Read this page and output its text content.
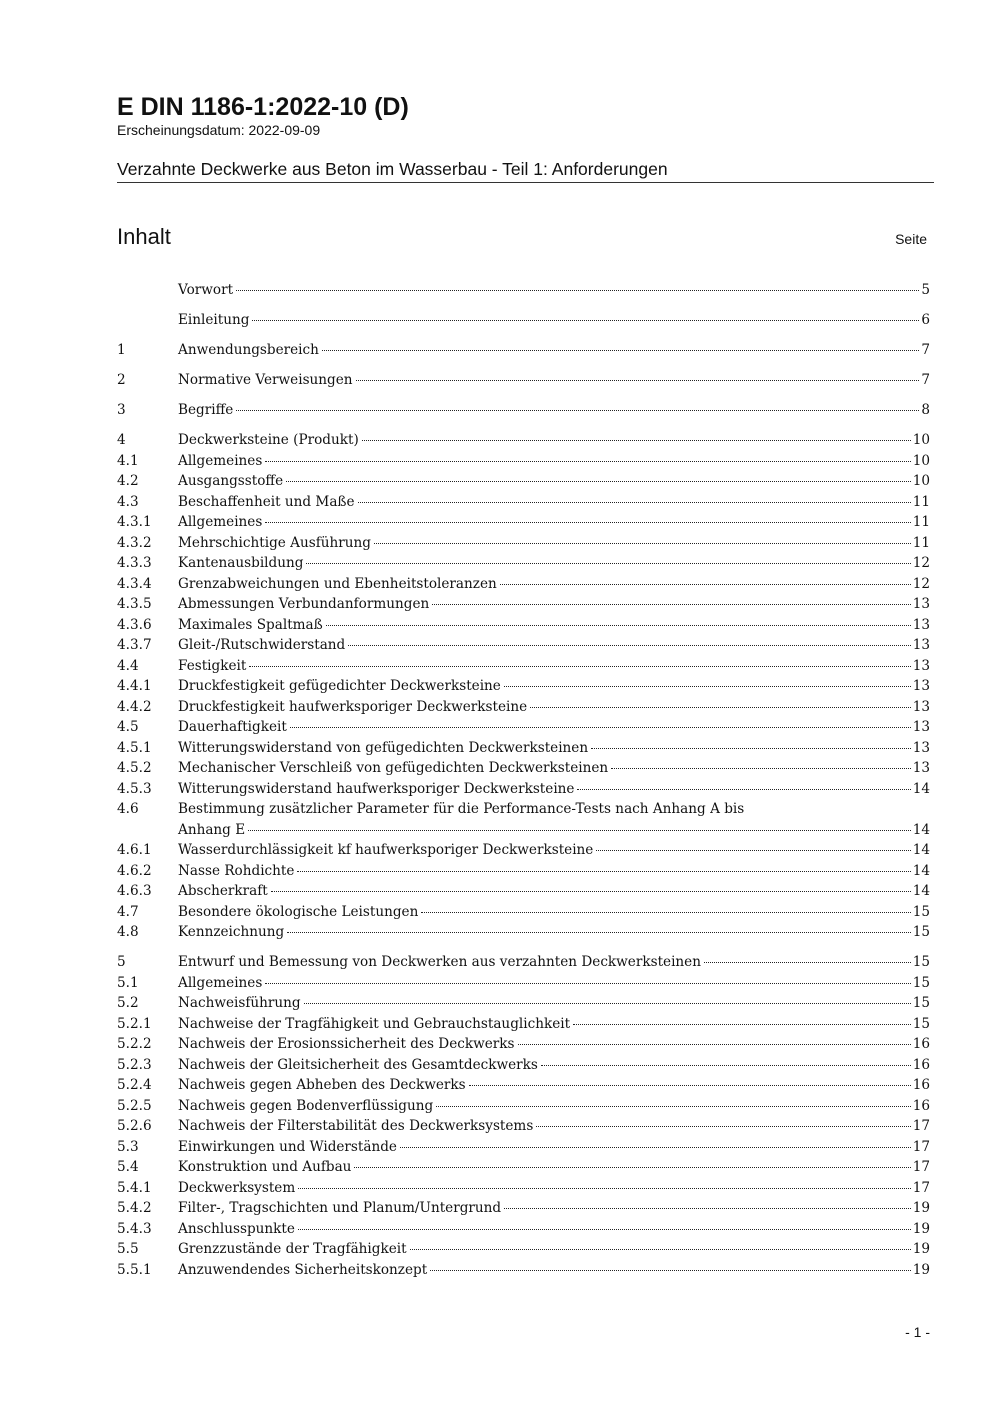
E DIN 1186-1:2022-10 (D)
Erscheinungsdatum: 2022-09-09
Verzahnte Deckwerke aus Beton im Wasserbau - Teil 1: Anforderungen
Inhalt	Seite
Vorwort	5
Einleitung	6
1	Anwendungsbereich	7
2	Normative Verweisungen	7
3	Begriffe	8
4	Deckwerksteine (Produkt)	10
4.1	Allgemeines	10
4.2	Ausgangsstoffe	10
4.3	Beschaffenheit und Maße	11
4.3.1	Allgemeines	11
4.3.2	Mehrschichtige Ausführung	11
4.3.3	Kantenausbildung	12
4.3.4	Grenzabweichungen und Ebenheitstoleranzen	12
4.3.5	Abmessungen Verbundanformungen	13
4.3.6	Maximales Spaltmaß	13
4.3.7	Gleit-/Rutschwiderstand	13
4.4	Festigkeit	13
4.4.1	Druckfestigkeit gefügedichter Deckwerksteine	13
4.4.2	Druckfestigkeit haufwerksporiger Deckwerksteine	13
4.5	Dauerhaftigkeit	13
4.5.1	Witterungswiderstand von gefügedichten Deckwerksteinen	13
4.5.2	Mechanischer Verschleiß von gefügedichten Deckwerksteinen	13
4.5.3	Witterungswiderstand haufwerksporiger Deckwerksteine	14
4.6	Bestimmung zusätzlicher Parameter für die Performance-Tests nach Anhang A bis
Anhang E	14
4.6.1	Wasserdurchlässigkeit kf haufwerksporiger Deckwerksteine	14
4.6.2	Nasse Rohdichte	14
4.6.3	Abscherkraft	14
4.7	Besondere ökologische Leistungen	15
4.8	Kennzeichnung	15
5	Entwurf und Bemessung von Deckwerken aus verzahnten Deckwerksteinen	15
5.1	Allgemeines	15
5.2	Nachweisführung	15
5.2.1	Nachweise der Tragfähigkeit und Gebrauchstauglichkeit	15
5.2.2	Nachweis der Erosionssicherheit des Deckwerks	16
5.2.3	Nachweis der Gleitsicherheit des Gesamtdeckwerks	16
5.2.4	Nachweis gegen Abheben des Deckwerks	16
5.2.5	Nachweis gegen Bodenverflüssigung	16
5.2.6	Nachweis der Filterstabilität des Deckwerksystems	17
5.3	Einwirkungen und Widerstände	17
5.4	Konstruktion und Aufbau	17
5.4.1	Deckwerksystem	17
5.4.2	Filter-, Tragschichten und Planum/Untergrund	19
5.4.3	Anschlusspunkte	19
5.5	Grenzzustände der Tragfähigkeit	19
5.5.1	Anzuwendendes Sicherheitskonzept	19
- 1 -
